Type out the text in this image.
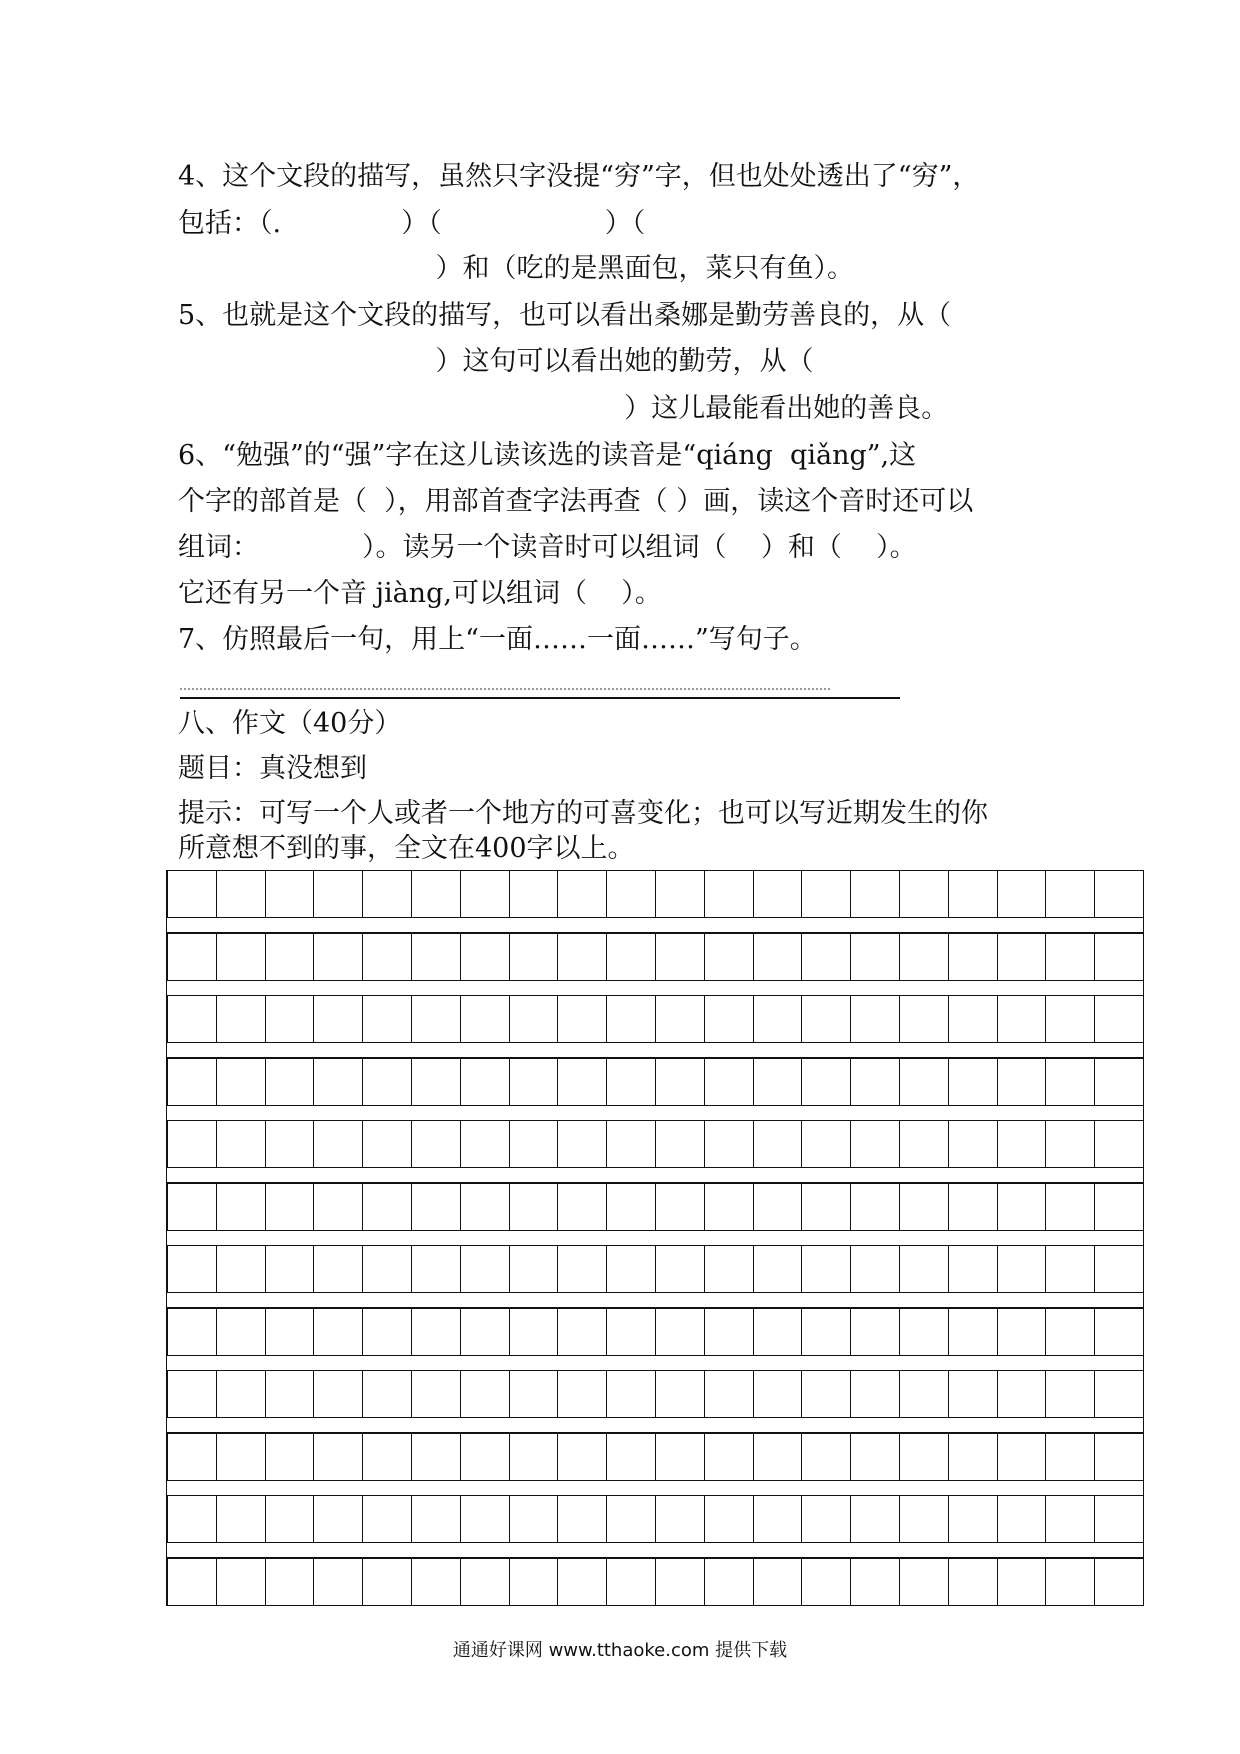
4、这个文段的描写，虽然只字没提“穷”字，但也处处透出了“穷”，
包括：（.              ）（                   ）（
）和（吃的是黑面包，菜只有鱼）。
5、也就是这个文段的描写，也可以看出桑娜是勤劳善良的，从（
）这句可以看出她的勤劳，从（
）这儿最能看出她的善良。
6、“勉强”的“强”字在这儿读该选的读音是“qiáng  qiǎng”,这
个字的部首是（  ），用部首查字法再查（ ）画，读这个音时还可以
组词：            ）。读另一个读音时可以组词（    ）和（    ）。
它还有另一个音 jiàng,可以组词（    ）。
7、仿照最后一句，用上“一面……一面……”写句子。
八、作文（40分）
题目：真没想到
提示：可写一个人或者一个地方的可喜变化；也可以写近期发生的你
所意想不到的事，全文在400字以上。
通通好课网 www.tthaoke.com 提供下载
